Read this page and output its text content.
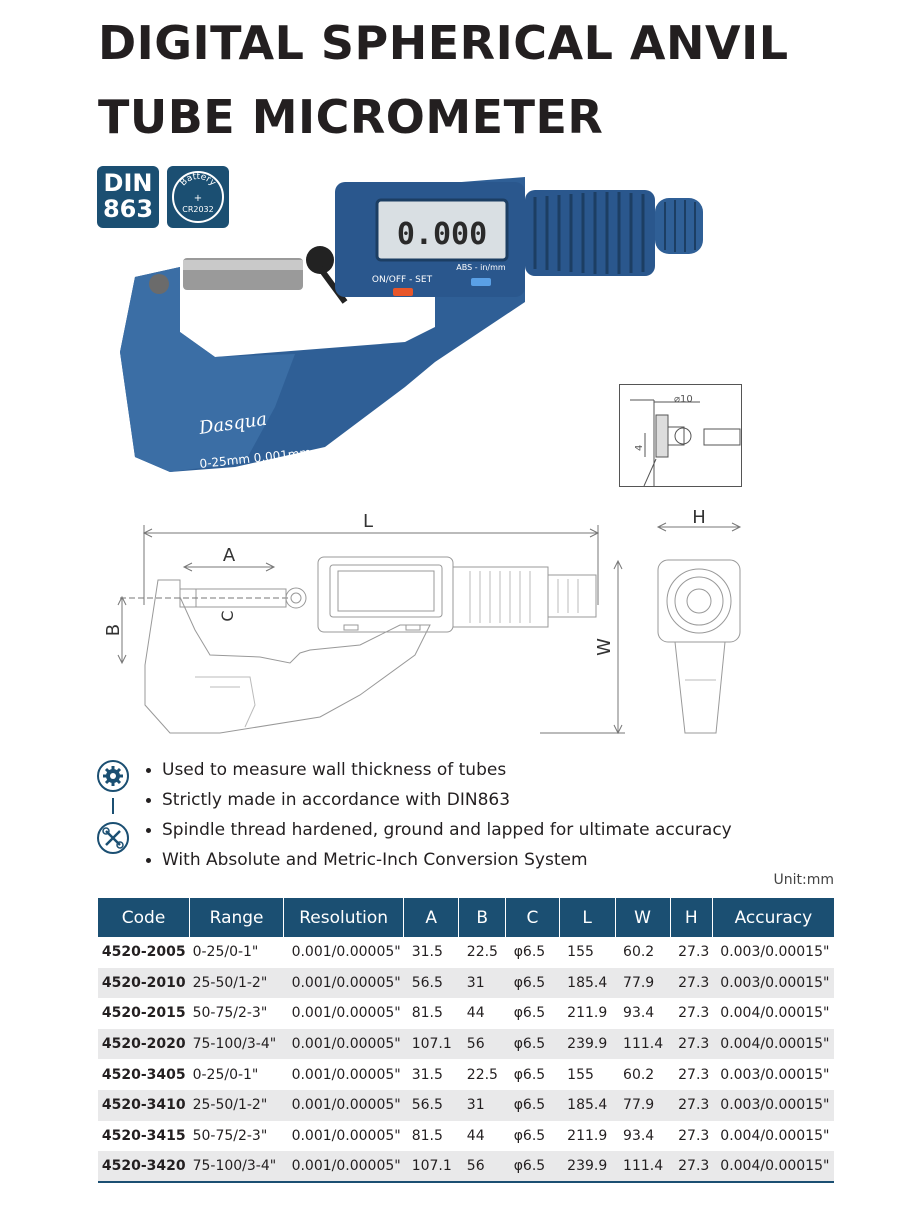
DIGITAL SPHERICAL ANVIL
TUBE MICROMETER
DIN
863
Battery
+
CR2032
0.000
ON/OFF - SET
ABS - in/mm
Dasqua
0-25mm 0.001mm
⌀10
4
L
A
B
C
W
H
Used to measure wall thickness of tubes
Strictly made in accordance with DIN863
Spindle thread hardened, ground and lapped for ultimate accuracy
With Absolute and Metric-Inch Conversion System
Unit:mm
Code	Range	Resolution	A	B	C	L	W	H	Accuracy
4520-2005	0-25/0-1"	0.001/0.00005"	31.5	22.5	φ6.5	155	60.2	27.3	0.003/0.00015"
4520-2010	25-50/1-2"	0.001/0.00005"	56.5	31	φ6.5	185.4	77.9	27.3	0.003/0.00015"
4520-2015	50-75/2-3"	0.001/0.00005"	81.5	44	φ6.5	211.9	93.4	27.3	0.004/0.00015"
4520-2020	75-100/3-4"	0.001/0.00005"	107.1	56	φ6.5	239.9	111.4	27.3	0.004/0.00015"
4520-3405	0-25/0-1"	0.001/0.00005"	31.5	22.5	φ6.5	155	60.2	27.3	0.003/0.00015"
4520-3410	25-50/1-2"	0.001/0.00005"	56.5	31	φ6.5	185.4	77.9	27.3	0.003/0.00015"
4520-3415	50-75/2-3"	0.001/0.00005"	81.5	44	φ6.5	211.9	93.4	27.3	0.004/0.00015"
4520-3420	75-100/3-4"	0.001/0.00005"	107.1	56	φ6.5	239.9	111.4	27.3	0.004/0.00015"
